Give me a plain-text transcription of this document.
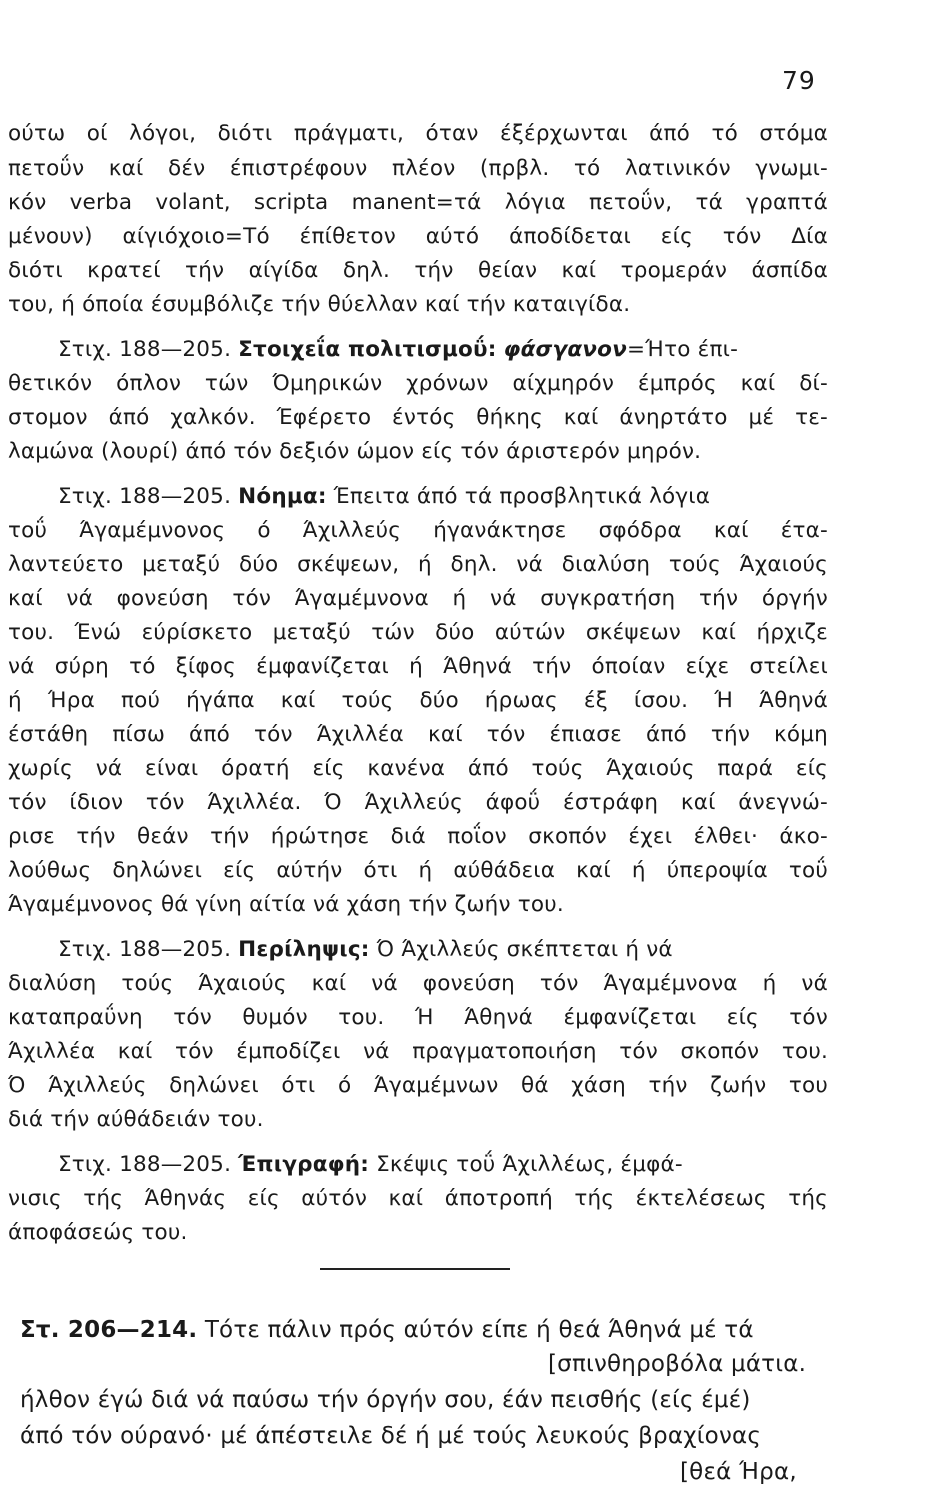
79
ούτω οί λόγοι, διότι πράγματι, όταν έξέρχωνται άπό τό στόμα
πετοΰν καί δέν έπιστρέφουν πλέον (πρβλ. τό λατινικόν γνωμι-
κόν verba volant, scripta manent=τά λόγια πετοΰν, τά γραπτά
μένουν) αίγιόχοιο=Τό έπίθετον αύτό άποδίδεται είς τόν Δία
διότι κρατεί τήν αίγίδα δηλ. τήν θείαν καί τρομεράν άσπίδα
του, ή όποία έσυμβόλιζε τήν θύελλαν καί τήν καταιγίδα.
Στιχ. 188—205. Στοιχεΐα πολιτισμοΰ: φάσγανον=Ήτο έπι-
θετικόν όπλον τών Όμηρικών χρόνων αίχμηρόν έμπρός καί δί-
στομον άπό χαλκόν. Έφέρετο έντός θήκης καί άνηρτάτο μέ τε-
λαμώνα (λουρί) άπό τόν δεξιόν ώμον είς τόν άριστερόν μηρόν.
Στιχ. 188—205. Νόημα: Έπειτα άπό τά προσβλητικά λόγια
τοΰ Άγαμέμνονος ό Άχιλλεύς ήγανάκτησε σφόδρα καί έτα-
λαντεύετο μεταξύ δύο σκέψεων, ή δηλ. νά διαλύση τούς Άχαιούς
καί νά φονεύση τόν Άγαμέμνονα ή νά συγκρατήση τήν όργήν
του. Ένώ εύρίσκετο μεταξύ τών δύο αύτών σκέψεων καί ήρχιζε
νά σύρη τό ξίφος έμφανίζεται ή Άθηνά τήν όποίαν είχε στείλει
ή Ήρα πού ήγάπα καί τούς δύο ήρωας έξ ίσου. Ή Άθηνά
έστάθη πίσω άπό τόν Άχιλλέα καί τόν έπιασε άπό τήν κόμη
χωρίς νά είναι όρατή είς κανένα άπό τούς Άχαιούς παρά είς
τόν ίδιον τόν Άχιλλέα. Ό Άχιλλεύς άφοΰ έστράφη καί άνεγνώ-
ρισε τήν θεάν τήν ήρώτησε διά ποΐον σκοπόν έχει έλθει· άκο-
λούθως δηλώνει είς αύτήν ότι ή αύθάδεια καί ή ύπεροψία τοΰ
Άγαμέμνονος θά γίνη αίτία νά χάση τήν ζωήν του.
Στιχ. 188—205. Περίληψις: Ό Άχιλλεύς σκέπτεται ή νά
διαλύση τούς Άχαιούς καί νά φονεύση τόν Άγαμέμνονα ή νά
καταπραΰνη τόν θυμόν του. Ή Άθηνά έμφανίζεται είς τόν
Άχιλλέα καί τόν έμποδίζει νά πραγματοποιήση τόν σκοπόν του.
Ό Άχιλλεύς δηλώνει ότι ό Άγαμέμνων θά χάση τήν ζωήν του
διά τήν αύθάδειάν του.
Στιχ. 188—205. Έπιγραφή: Σκέψις τοΰ Άχιλλέως, έμφά-
νισις τής Άθηνάς είς αύτόν καί άποτροπή τής έκτελέσεως τής
άποφάσεώς του.
Στ. 206—214. Τότε πάλιν πρός αύτόν είπε ή θεά Άθηνά μέ τά
[σπινθηροβόλα μάτια.
ήλθον έγώ διά νά παύσω τήν όργήν σου, έάν πεισθής (είς έμέ)
άπό τόν ούρανό· μέ άπέστειλε δέ ή μέ τούς λευκούς βραχίονας
[θεά Ήρα,
